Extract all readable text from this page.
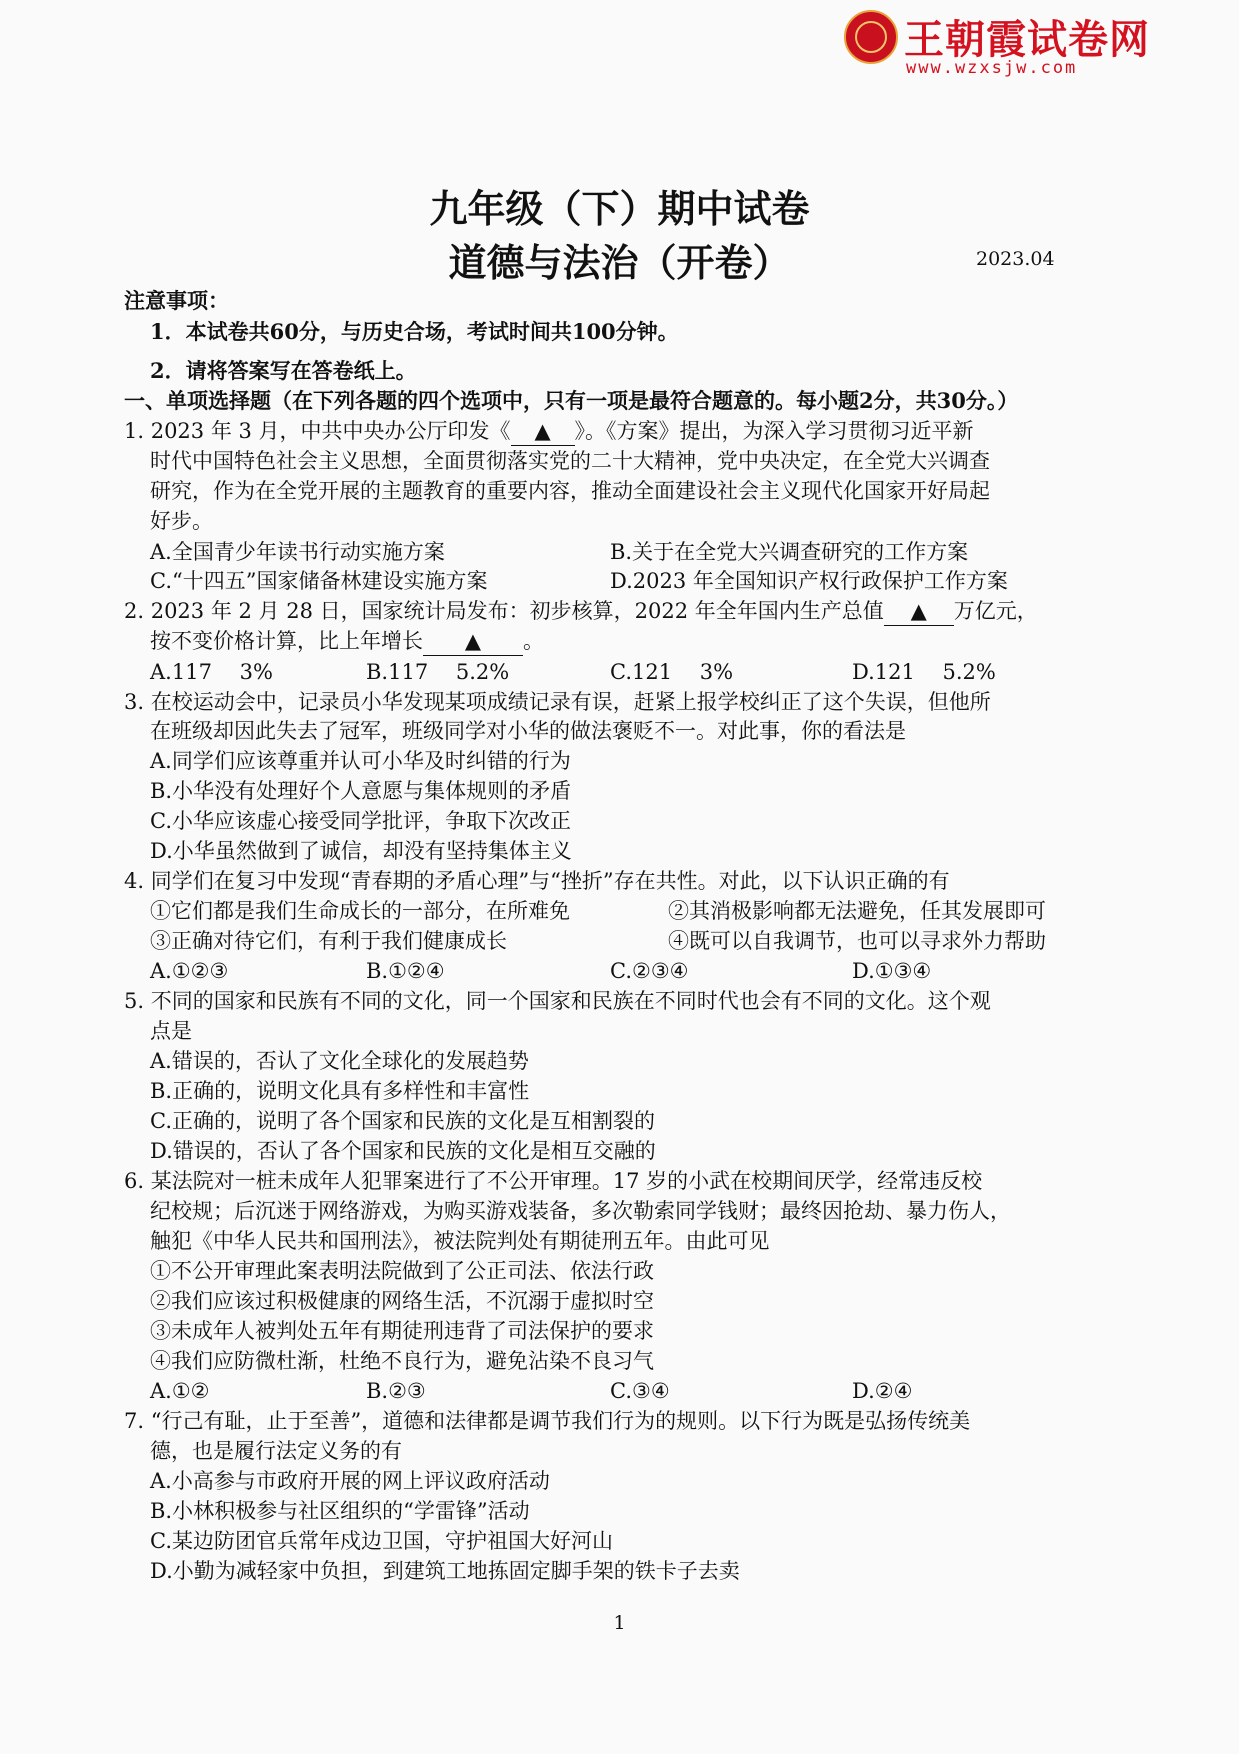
王朝霞试卷网
www.wzxsjw.com
九年级（下）期中试卷
道德与法治（开卷）	2023.04
注意事项：
1．本试卷共60分，与历史合场，考试时间共100分钟。
2．请将答案写在答卷纸上。
一、单项选择题（在下列各题的四个选项中，只有一项是最符合题意的。每小题2分，共30分。）
1. 2023 年 3 月，中共中央办公厅印发《 ▲ 》。《方案》提出，为深入学习贯彻习近平新
时代中国特色社会主义思想，全面贯彻落实党的二十大精神，党中央决定，在全党大兴调查
研究，作为在全党开展的主题教育的重要内容，推动全面建设社会主义现代化国家开好局起
好步。
A.全国青少年读书行动实施方案	B.关于在全党大兴调查研究的工作方案
C.“十四五”国家储备林建设实施方案	D.2023 年全国知识产权行政保护工作方案
2. 2023 年 2 月 28 日，国家统计局发布：初步核算，2022 年全年国内生产总值 ▲ 万亿元，
按不变价格计算，比上年增长 ▲ 。
A.117　 3%	B.117　 5.2%	C.121　 3%	D.121　 5.2%
3. 在校运动会中，记录员小华发现某项成绩记录有误，赶紧上报学校纠正了这个失误，但他所
在班级却因此失去了冠军，班级同学对小华的做法褒贬不一。对此事，你的看法是
A.同学们应该尊重并认可小华及时纠错的行为
B.小华没有处理好个人意愿与集体规则的矛盾
C.小华应该虚心接受同学批评，争取下次改正
D.小华虽然做到了诚信，却没有坚持集体主义
4. 同学们在复习中发现“青春期的矛盾心理”与“挫折”存在共性。对此，以下认识正确的有
①它们都是我们生命成长的一部分，在所难免	②其消极影响都无法避免，任其发展即可
③正确对待它们，有利于我们健康成长	④既可以自我调节，也可以寻求外力帮助
A.①②③	B.①②④	C.②③④	D.①③④
5. 不同的国家和民族有不同的文化，同一个国家和民族在不同时代也会有不同的文化。这个观
点是
A.错误的，否认了文化全球化的发展趋势
B.正确的，说明文化具有多样性和丰富性
C.正确的，说明了各个国家和民族的文化是互相割裂的
D.错误的，否认了各个国家和民族的文化是相互交融的
6. 某法院对一桩未成年人犯罪案进行了不公开审理。17 岁的小武在校期间厌学，经常违反校
纪校规；后沉迷于网络游戏，为购买游戏装备，多次勒索同学钱财；最终因抢劫、暴力伤人，
触犯《中华人民共和国刑法》，被法院判处有期徒刑五年。由此可见
①不公开审理此案表明法院做到了公正司法、依法行政
②我们应该过积极健康的网络生活，不沉溺于虚拟时空
③未成年人被判处五年有期徒刑违背了司法保护的要求
④我们应防微杜渐，杜绝不良行为，避免沾染不良习气
A.①②	B.②③	C.③④	D.②④
7. “行己有耻，止于至善”，道德和法律都是调节我们行为的规则。以下行为既是弘扬传统美
德，也是履行法定义务的有
A.小高参与市政府开展的网上评议政府活动
B.小林积极参与社区组织的“学雷锋”活动
C.某边防团官兵常年戍边卫国，守护祖国大好河山
D.小勤为减轻家中负担，到建筑工地拣固定脚手架的铁卡子去卖
1
